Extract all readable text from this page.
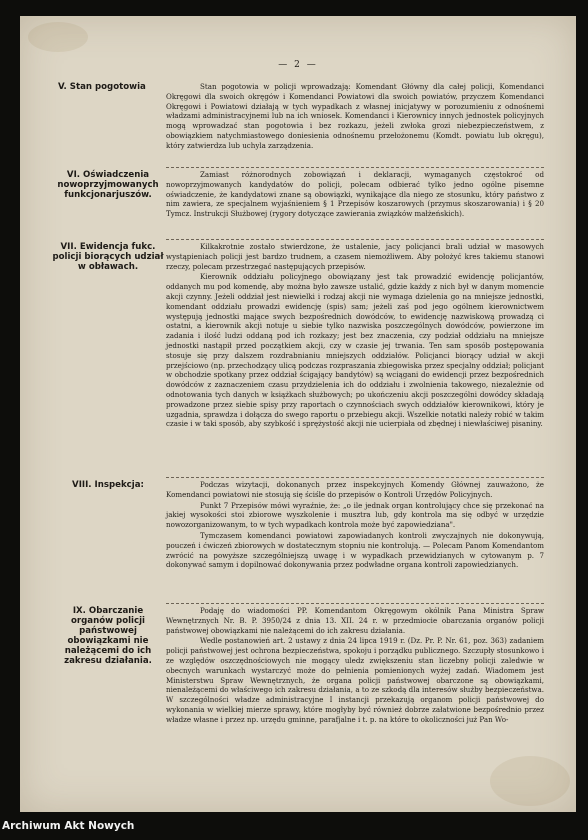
— 2 —
V. Stan pogotowia	Stan pogotowia w policji wprowadzają: Komendant Główny dla całej policji, Komendanci Okręgowi dla swoich okręgów i Komendanci Powiatowi dla swoich powiatów, przyczem Komendanci Okręgowi i Powiatowi działają w tych wypadkach z własnej inicjatywy w porozumieniu z odnośnemi władzami administracyjnemi lub na ich wniosek. Komendanci i Kierownicy innych jednostek policyjnych mogą wprowadzać stan pogotowia i bez rozkazu, jeżeli zwłoka grozi niebezpieczeństwem, z obowiązkiem natychmiastowego doniesienia odnośnemu przełożonemu (Komdt. powiatu lub okręgu), który zatwierdza lub uchyla zarządzenia.

VI. Oświadczenia nowoprzyjmowanych funkcjonarjuszów.

Zamiast różnorodnych zobowiązań i deklaracji, wymaganych częstokroć od nowoprzyjmowanych kandydatów do policji, polecam odbierać tylko jedno ogólne pisemne oświadczenie, że kandydatowi znane są obowiązki, wynikające dla niego ze stosunku, który państwo z nim zawiera, ze specjalnem wyjaśnieniem § 1 Przepisów koszarowych (przymus skoszarowania) i § 20 Tymcz. Instrukcji Służbowej (rygory dotyczące zawierania związków małżeńskich).

VII. Ewidencja fukc. policji biorących udział w obławach.

Kilkakrotnie zostało stwierdzone, że ustalenie, jacy policjanci brali udział w masowych wystąpieniach policji jest bardzo trudnem, a czasem niemożliwem. Aby położyć kres takiemu stanowi rzeczy, polecam przestrzegać następujących przepisów.

Kierownik oddziału policyjnego obowiązany jest tak prowadzić ewidencję policjantów, oddanych mu pod komendę, aby można było zawsze ustalić, gdzie każdy z nich był w danym momencie akcji czynny. Jeżeli oddział jest niewielki i rodzaj akcji nie wymaga dzielenia go na mniejsze jednostki, komendant oddziału prowadzi ewidencję (spis) sam; jeżeli zaś pod jego ogólnem kierownictwem występują jednostki mające swych bezpośrednich dowódców, to ewidencję nazwiskową prowadzą ci ostatni, a kierownik akcji notuje u siebie tylko nazwiska poszczególnych dowódców, powierzone im zadania i ilość ludzi oddaną pod ich rozkazy; jest bez znaczenia, czy podział oddziału na mniejsze jednostki nastąpił przed początkiem akcji, czy w czasie jej trwania. Ten sam sposób postępowania stosuje się przy dalszem rozdrabnianiu mniejszych oddziałów. Policjanci biorący udział w akcji przejściowo (np. przechodzący ulicą podczas rozpraszania zbiegowiska przez specjalny oddział; policjant w obchodzie spotkany przez oddział ścigający bandytów) są wciągani do ewidencji przez bezpośrednich dowódców z zaznaczeniem czasu przydzielenia ich do oddziału i zwolnienia takowego, niezależnie od odnotowania tych danych w książkach służbowych; po ukończeniu akcji poszczególni dowódcy składają prowadzone przez siebie spisy przy raportach o czynnościach swych oddziałów kierownikowi, który je uzgadnia, sprawdza i dołącza do swego raportu o przebiegu akcji. Wszelkie notatki należy robić w takim czasie i w taki sposób, aby szybkość i sprężystość akcji nie ucierpiała od zbędnej i niewłaściwej pisaniny.

VIII. Inspekcja:	Podczas wizytacji, dokonanych przez inspekcyjnych Komendy Głównej zauważono, że Komendanci powiatowi nie stosują się ściśle do przepisów o Kontroli Urzędów Policyjnych.

Punkt 7 Przepisów mówi wyraźnie, że: „o ile jednak organ kontrolujący chce się przekonać na jakiej wysokości stoi zbiorowe wyszkolenie i musztra lub, gdy kontrola ma się odbyć w urzędzie nowozorganizowanym, to w tych wypadkach kontrola może być zapowiedziana".

Tymczasem komendanci powiatowi zapowiadanych kontroli zwyczajnych nie dokonywują, pouczeń i ćwiczeń zbiorowych w dostatecznym stopniu nie kontrolują. — Polecam Panom Komendantom zwrócić na powyższe szczególniejszą uwagę i w wypadkach przewidzianych w cytowanym p. 7 dokonywać samym i dopilnować dokonywania przez podwładne organa kontroli zapowiedzianych.

IX. Obarczanie organów policji państwowej obowiązkami nie należącemi do ich zakresu działania.

Podaję do wiadomości PP. Komendantom Okręgowym okólnik Pana Ministra Spraw Wewnętrznych Nr. B. P. 3950/24 z dnia 13. XII. 24 r. w przedmiocie obarczania organów policji państwowej obowiązkami nie należącemi do ich zakresu działania.

Wedle postanowień art. 2 ustawy z dnia 24 lipca 1919 r. (Dz. Pr. P. Nr. 61, poz. 363) zadaniem policji państwowej jest ochrona bezpieczeństwa, spokoju i porządku publicznego. Szczupły stosunkowo i ze względów oszczędnościowych nie mogący uledz zwiększeniu stan liczebny policji zaledwie w obecnych warunkach wystarczyć może do pełnienia pomienionych wyżej zadań. Wiadomem jest Ministerstwu Spraw Wewnętrznych, że organa policji państwowej obarczone są obowiązkami, nienależącemi do właściwego ich zakresu działania, a to ze szkodą dla interesów służby bezpieczeństwa. W szczególności władze administracyjne I instancji przekazują organom policji państwowej do wykonania w wielkiej mierze sprawy, które mogłyby być również dobrze załatwione bezpośrednio przez władze własne i przez np. urzędu gminne, parafjalne i t. p. na które to okoliczności już Pan Wo-

Archiwum Akt Nowych
